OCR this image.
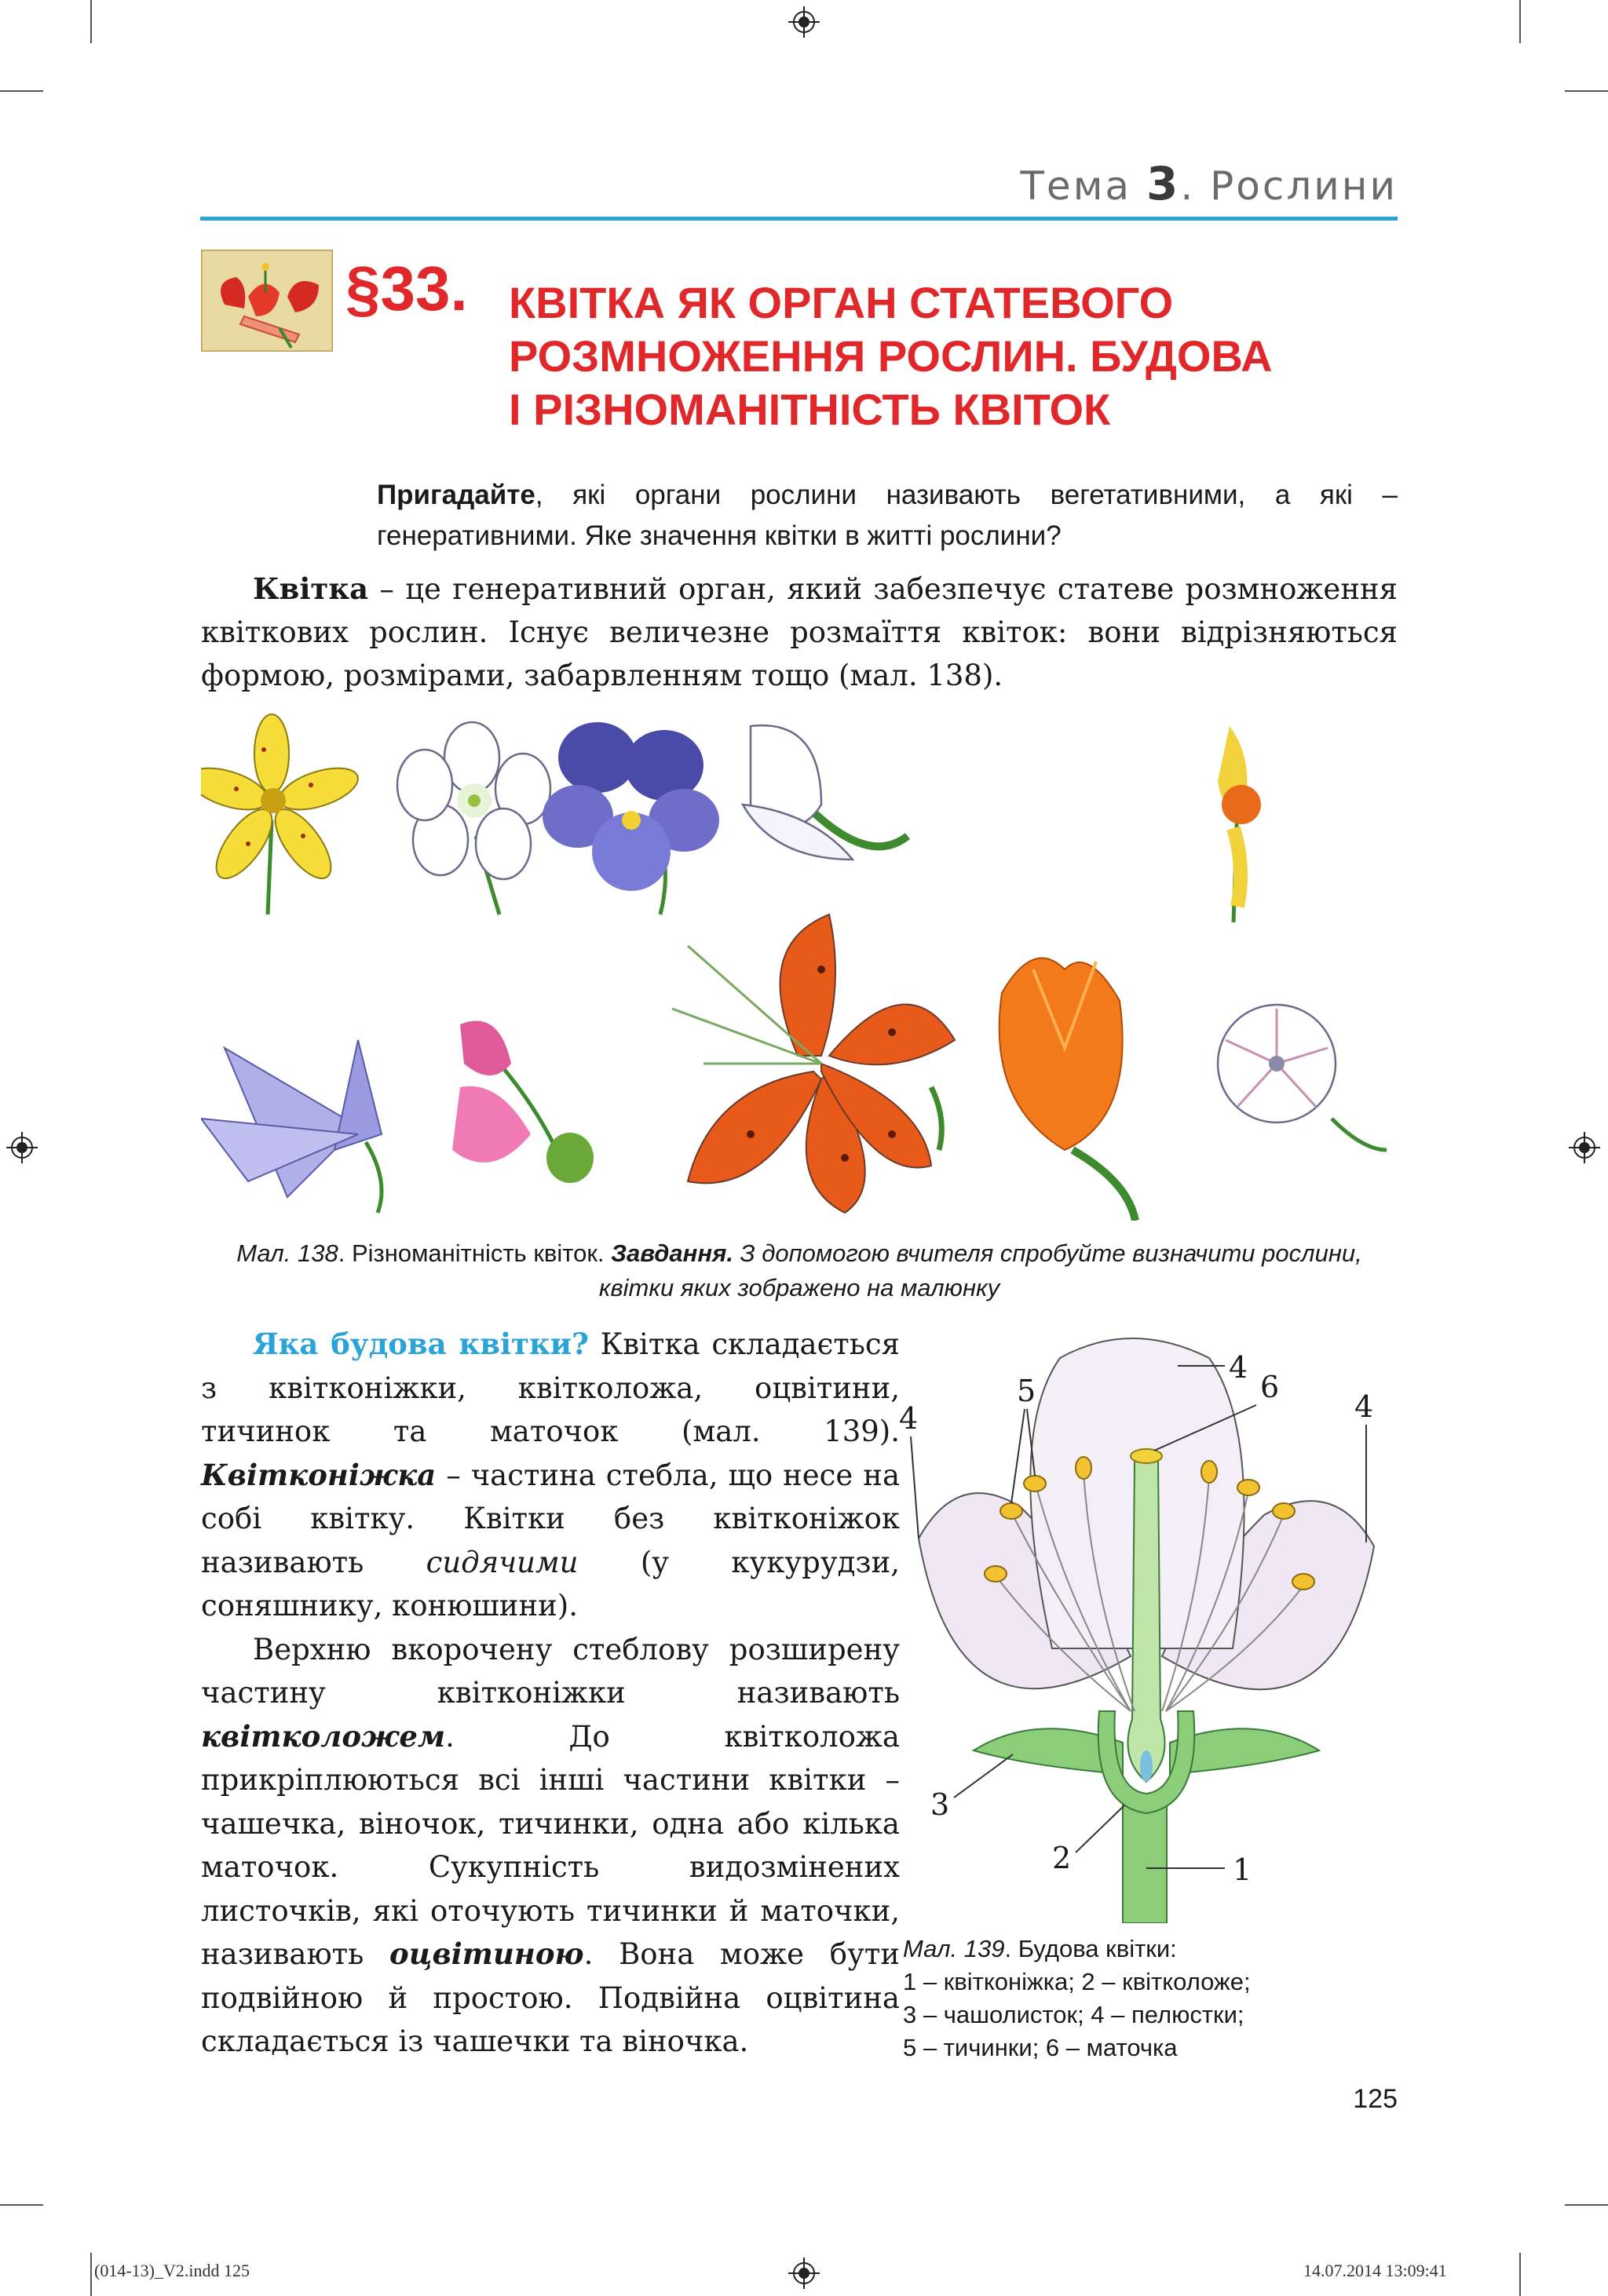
Тема 3. Рослини
§33. КВІТКА ЯК ОРГАН СТАТЕВОГО
РОЗМНОЖЕННЯ РОСЛИН. БУДОВА
І РІЗНОМАНІТНІСТЬ КВІТОК
Пригадайте, які органи рослини називають вегетативними, а які – генеративними. Яке значення квітки в житті рослини?
Квітка – це генеративний орган, який забезпечує статеве розмноження квіткових рослин. Існує величезне розмаїття квіток: вони відрізняються формою, розмірами, забарвленням тощо (мал. 138).
Мал. 138. Різноманітність квіток. Завдання. З допомогою вчителя спробуйте визначити рослини, квітки яких зображено на малюнку

Яка будова квітки? Квітка складається з квітконіжки, квітколожа, оцвітини, тичинок та маточок (мал. 139). Квітконіжка – частина стебла, що несе на собі квітку. Квітки без квітконіжок називають сидячими (у кукурудзи, соняшнику, конюшини).

Верхню вкорочену стеблову розширену частину квітконіжки називають квітколожем. До квітколожа прикріплюються всі інші частини квітки – чашечка, віночок, тичинки, одна або кілька маточок. Сукупність видозмінених листочків, які оточують тичинки й маточки, називають оцвітиною. Вона може бути подвійною й простою. Подвійна оцвітина складається із чашечки та віночка.

1
2
3
4
4	4
5	6
Мал. 139. Будова квітки:
1 – квітконіжка; 2 – квітколоже;
3 – чашолисток; 4 – пелюстки;
5 – тичинки; 6 – маточка
125
(014-13)_V2.indd 125	14.07.2014 13:09:41
